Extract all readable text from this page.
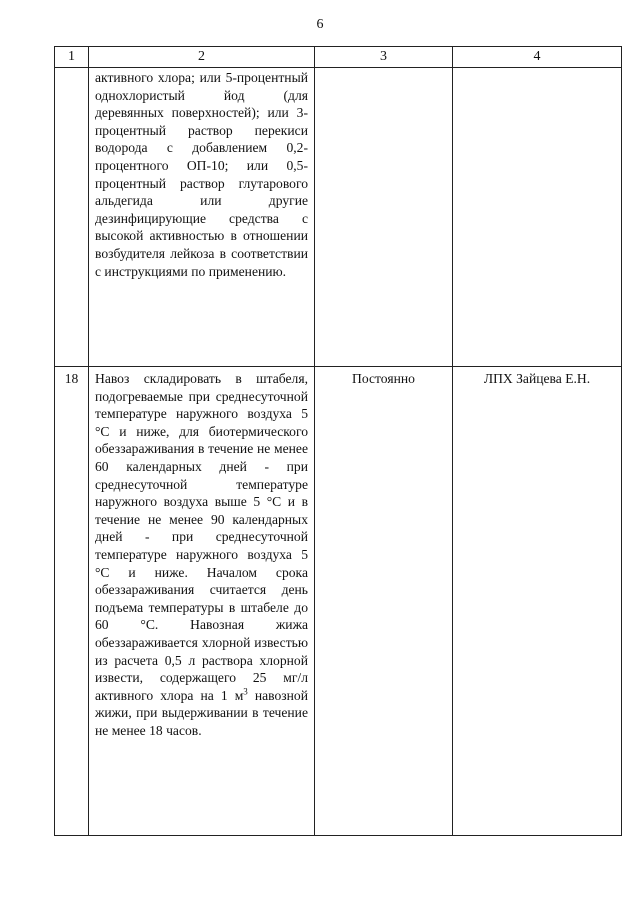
6
1	2	3	4
	активного хлора; или 5-процентный однохлористый йод (для деревянных поверхностей); или 3-процентный раствор перекиси водорода с добавлением 0,2-процентного ОП-10; или 0,5-процентный раствор глутарового альдегида или другие дезинфицирующие средства с высокой активностью в отношении возбудителя лейкоза в соответствии с инструкциями по применению.		
18	Навоз складировать в штабеля, подогреваемые при среднесуточной температуре наружного воздуха 5 °С и ниже, для биотермического обеззараживания в течение не менее 60 календарных дней - при среднесуточной температуре наружного воздуха выше 5 °С и в течение не менее 90 календарных дней - при среднесуточной температуре наружного воздуха 5 °С и ниже. Началом срока обеззараживания считается день подъема температуры в штабеле до 60 °С. Навозная жижа обеззараживается хлорной известью из расчета 0,5 л раствора хлорной извести, содержащего 25 мг/л активного хлора на 1 $м^3$ навозной жижи, при выдерживании в течение не менее 18 часов.	Постоянно	ЛПХ Зайцева Е.Н.
